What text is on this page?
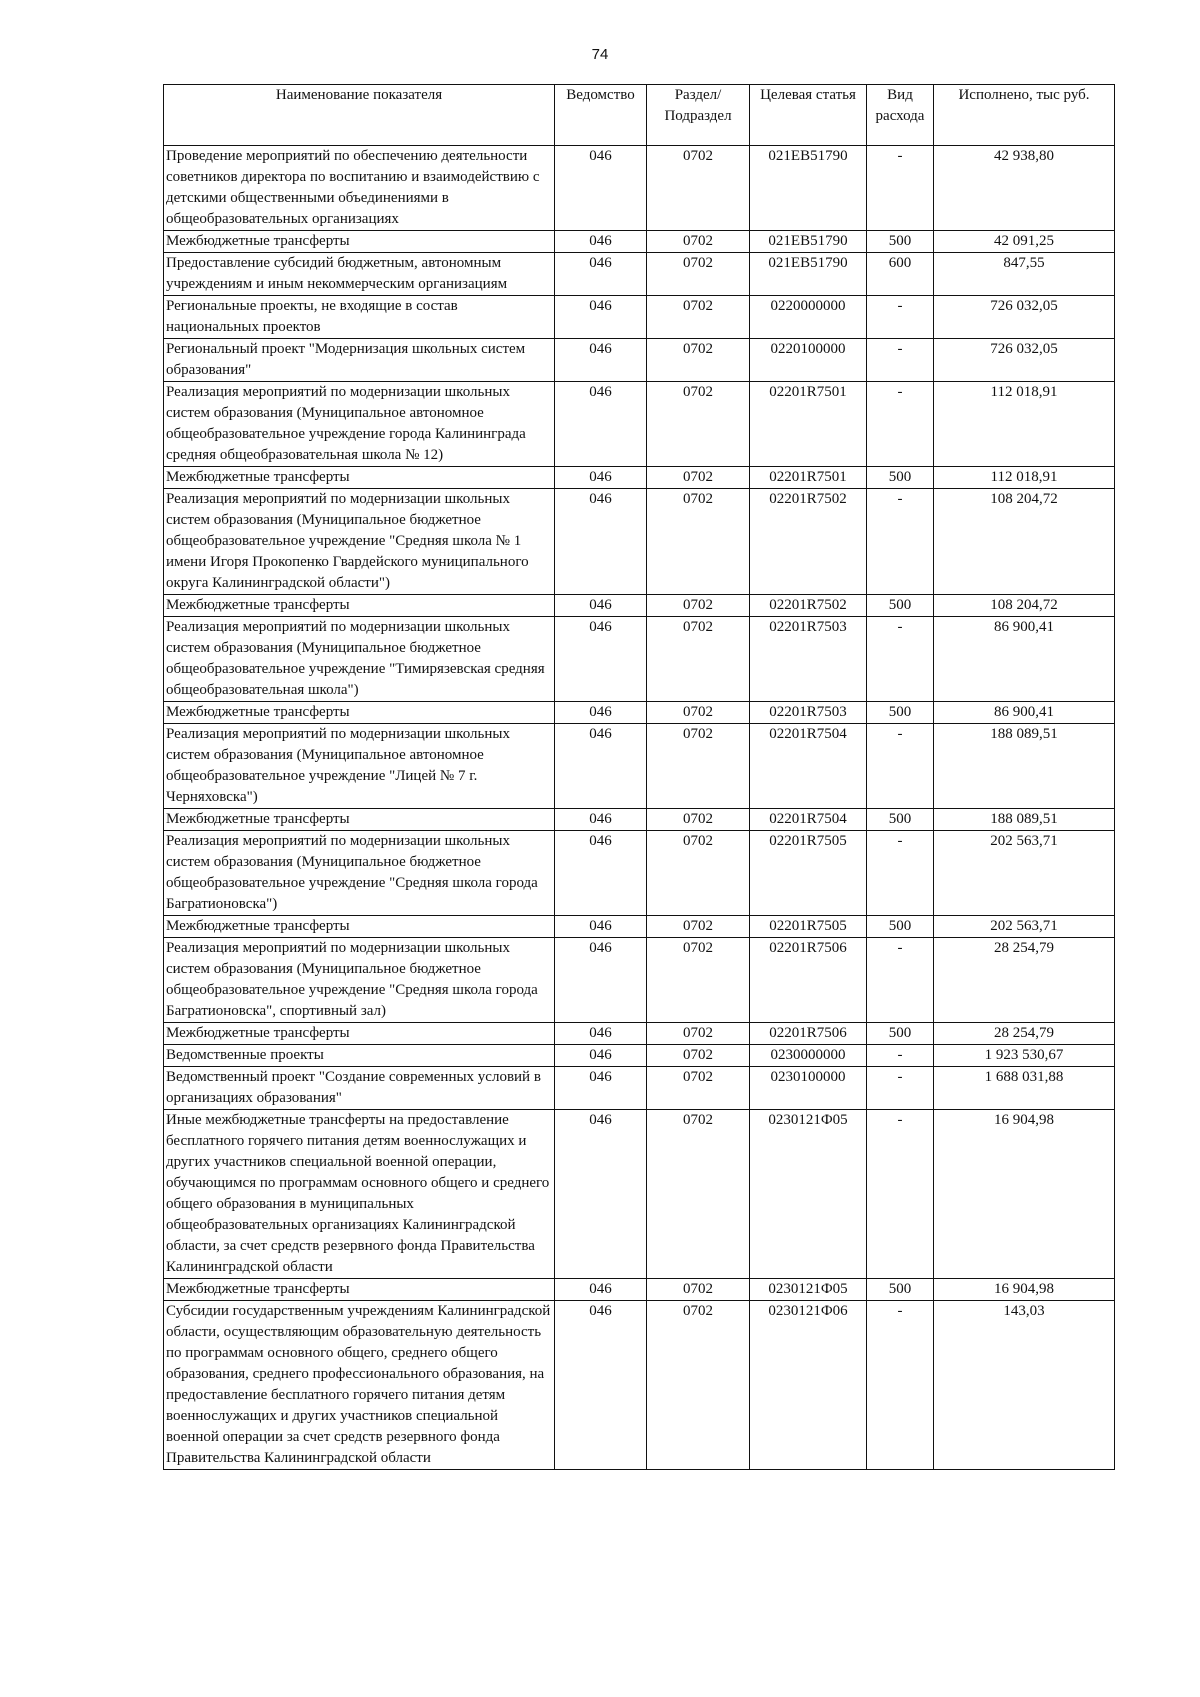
74
Наименование показателя	Ведомство	Раздел/ Подраздел	Целевая статья	Вид расхода	Исполнено, тыс руб.
Проведение мероприятий по обеспечению деятельности советников директора по воспитанию и взаимодействию с детскими общественными объединениями в общеобразовательных организациях	046	0702	021EB51790	-	42 938,80
Межбюджетные трансферты	046	0702	021EB51790	500	42 091,25
Предоставление субсидий бюджетным, автономным учреждениям и иным некоммерческим организациям	046	0702	021EB51790	600	847,55
Региональные проекты, не входящие в состав национальных проектов	046	0702	0220000000	-	726 032,05
Региональный проект "Модернизация школьных систем образования"	046	0702	0220100000	-	726 032,05
Реализация мероприятий по модернизации школьных систем образования (Муниципальное автономное общеобразовательное учреждение города Калининграда средняя общеобразовательная школа № 12)	046	0702	02201R7501	-	112 018,91
Межбюджетные трансферты	046	0702	02201R7501	500	112 018,91
Реализация мероприятий по модернизации школьных систем образования (Муниципальное бюджетное общеобразовательное учреждение "Средняя школа № 1 имени Игоря Прокопенко Гвардейского муниципального округа Калининградской области")	046	0702	02201R7502	-	108 204,72
Межбюджетные трансферты	046	0702	02201R7502	500	108 204,72
Реализация мероприятий по модернизации школьных систем образования (Муниципальное бюджетное общеобразовательное учреждение "Тимирязевская средняя общеобразовательная школа")	046	0702	02201R7503	-	86 900,41
Межбюджетные трансферты	046	0702	02201R7503	500	86 900,41
Реализация мероприятий по модернизации школьных систем образования (Муниципальное автономное общеобразовательное учреждение "Лицей № 7 г. Черняховска")	046	0702	02201R7504	-	188 089,51
Межбюджетные трансферты	046	0702	02201R7504	500	188 089,51
Реализация мероприятий по модернизации школьных систем образования (Муниципальное бюджетное общеобразовательное учреждение "Средняя школа города Багратионовска")	046	0702	02201R7505	-	202 563,71
Межбюджетные трансферты	046	0702	02201R7505	500	202 563,71
Реализация мероприятий по модернизации школьных систем образования (Муниципальное бюджетное общеобразовательное учреждение "Средняя школа города Багратионовска", спортивный зал)	046	0702	02201R7506	-	28 254,79
Межбюджетные трансферты	046	0702	02201R7506	500	28 254,79
Ведомственные проекты	046	0702	0230000000	-	1 923 530,67
Ведомственный проект "Создание современных условий в организациях образования"	046	0702	0230100000	-	1 688 031,88
Иные межбюджетные трансферты на предоставление бесплатного горячего питания детям военнослужащих и других участников специальной военной операции, обучающимся по программам основного общего и среднего общего образования в муниципальных общеобразовательных организациях Калининградской области, за счет средств резервного фонда Правительства Калининградской области	046	0702	0230121Ф05	-	16 904,98
Межбюджетные трансферты	046	0702	0230121Ф05	500	16 904,98
Субсидии государственным учреждениям Калининградской области, осуществляющим образовательную деятельность по программам основного общего, среднего общего образования, среднего профессионального образования, на предоставление бесплатного горячего питания детям военнослужащих и других участников специальной военной операции за счет средств резервного фонда Правительства Калининградской области	046	0702	0230121Ф06	-	143,03
